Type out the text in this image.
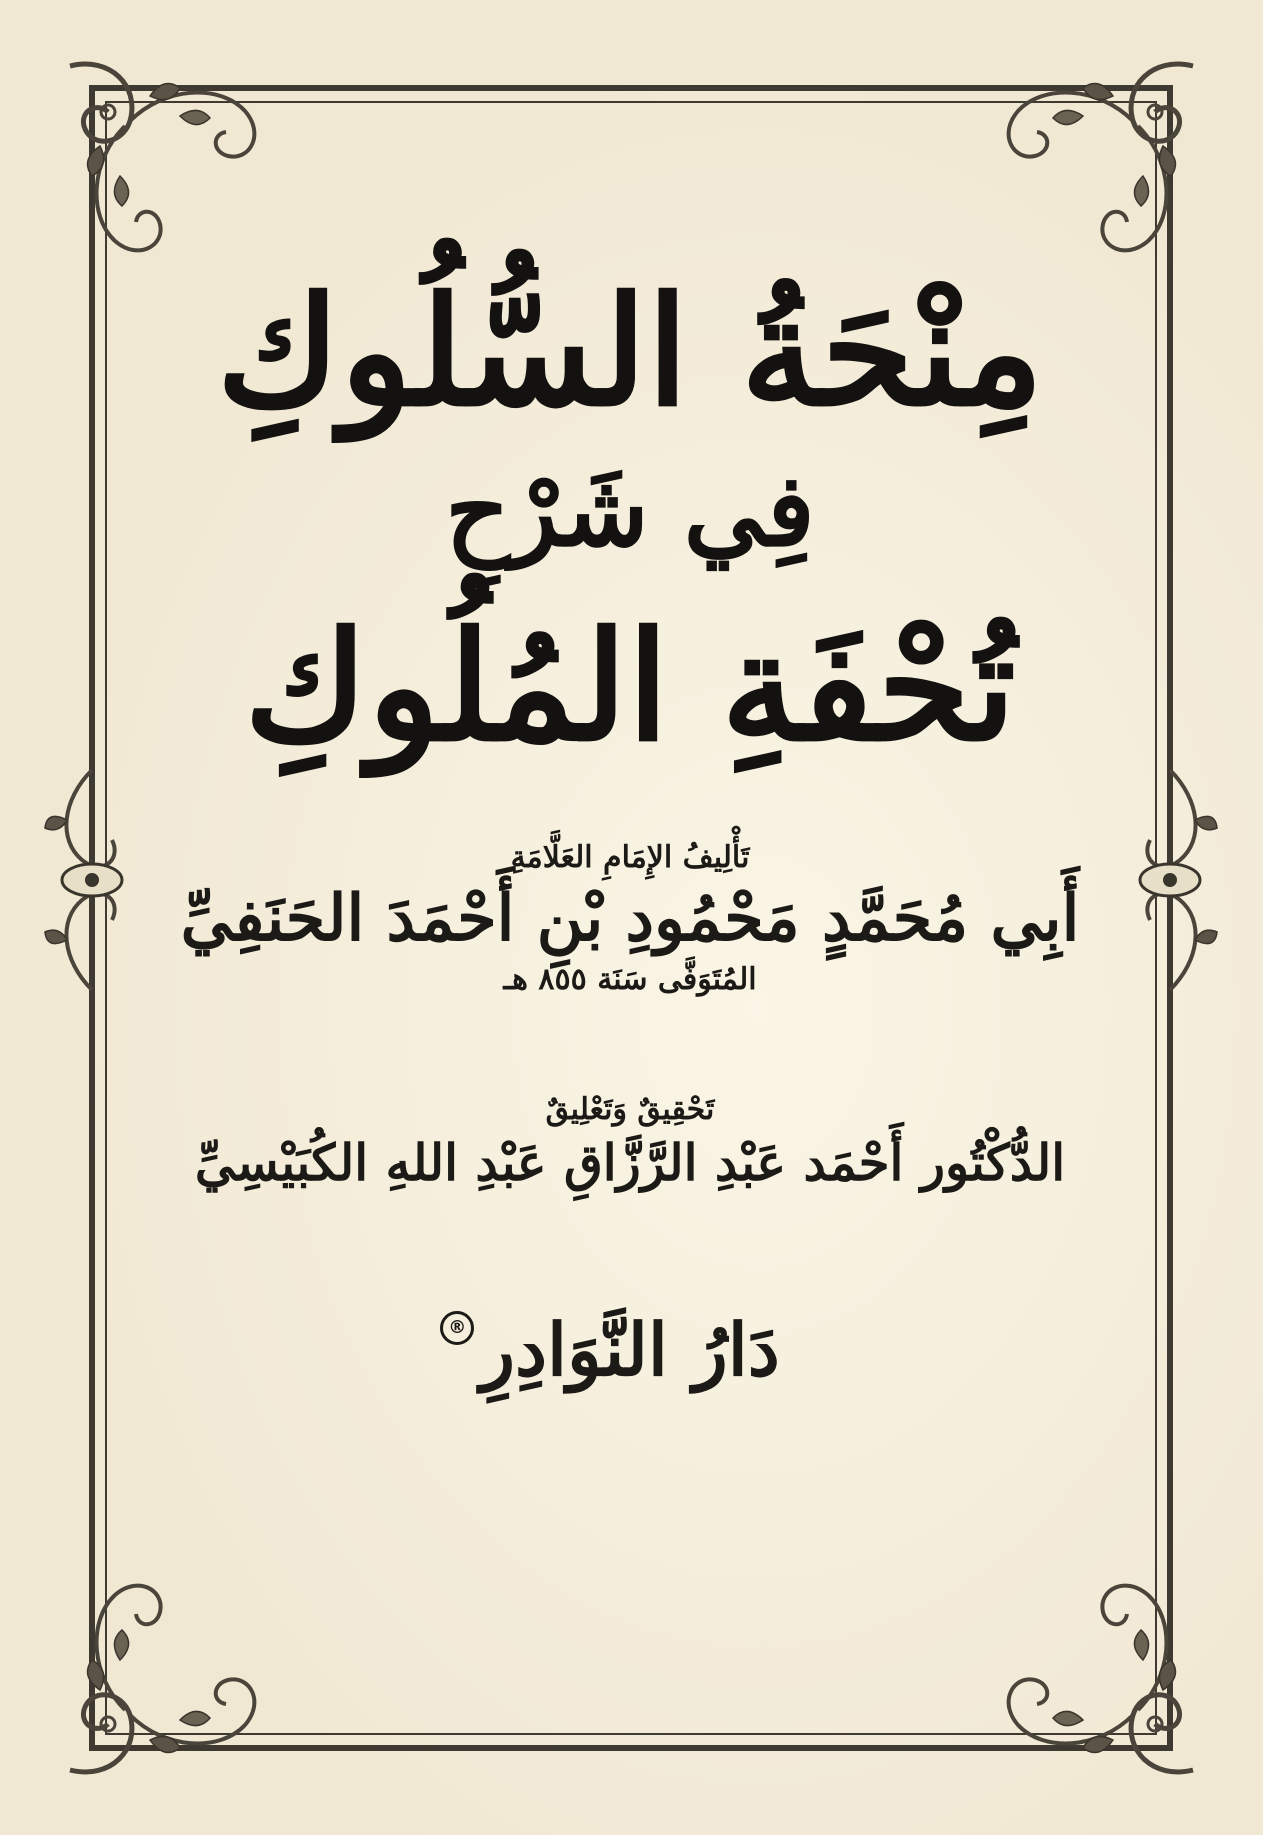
مِنْحَةُ السُّلُوكِ
فِي شَرْحِ
تُحْفَةِ المُلُوكِ
تَأْلِيفُ الإِمَامِ العَلَّامَةِ
أَبِي مُحَمَّدٍ مَحْمُودِ بْنِ أَحْمَدَ الحَنَفِيِّ
المُتَوَفَّى سَنَة ٨٥٥ هـ
تَحْقِيقٌ وَتَعْلِيقٌ
الدُّكْتُور أَحْمَد عَبْدِ الرَّزَّاقِ عَبْدِ اللهِ الكُبَيْسِيِّ
دَارُ النَّوَادِرِ
®
